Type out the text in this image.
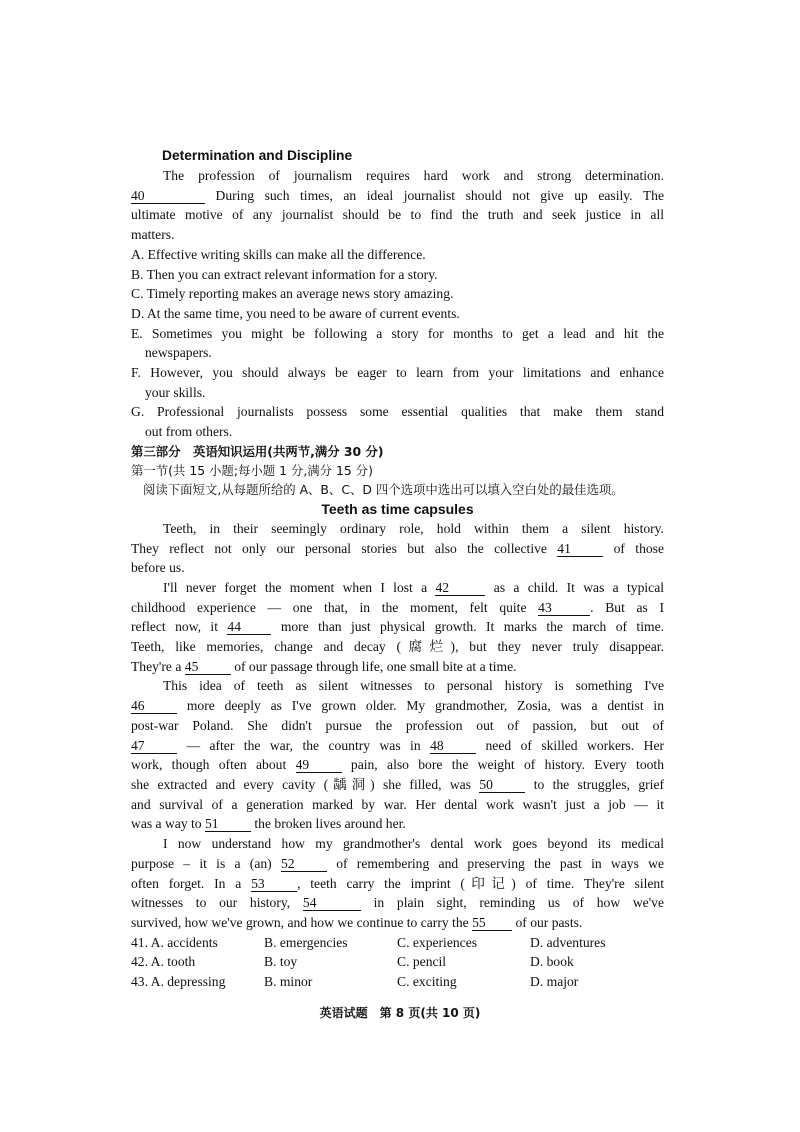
Determination and Discipline
The profession of journalism requires hard work and strong determination.
40	During such times, an ideal journalist should not give up easily. The
ultimate motive of any journalist should be to find the truth and seek justice in all
matters.
A. Effective writing skills can make all the difference.
B. Then you can extract relevant information for a story.
C. Timely reporting makes an average news story amazing.
D. At the same time, you need to be aware of current events.
E. Sometimes you might be following a story for months to get a lead and hit the
newspapers.
F. However, you should always be eager to learn from your limitations and enhance
your skills.
G. Professional journalists possess some essential qualities that make them stand
out from others.
第三部分　英语知识运用(共两节,满分 30 分)
第一节(共 15 小题;每小题 1 分,满分 15 分)
阅读下面短文,从每题所给的 A、B、C、D 四个选项中选出可以填入空白处的最佳选项。
Teeth as time capsules
Teeth, in their seemingly ordinary role, hold within them a silent history.
They reflect not only our personal stories but also the collective 41	of those
before us.
I'll never forget the moment when I lost a 42	as a child. It was a typical
childhood experience — one that, in the moment, felt quite 43	. But as I
reflect now, it 44	more than just physical growth. It marks the march of time.
Teeth, like memories, change and decay (腐烂), but they never truly disappear.
They're a 45	of our passage through life, one small bite at a time.
This idea of teeth as silent witnesses to personal history is something I've
46	more deeply as I've grown older. My grandmother, Zosia, was a dentist in
post-war Poland. She didn't pursue the profession out of passion, but out of
47	— after the war, the country was in 48	need of skilled workers. Her
work, though often about 49	pain, also bore the weight of history. Every tooth
she extracted and every cavity (龋洞) she filled, was 50	to the struggles, grief
and survival of a generation marked by war. Her dental work wasn't just a job — it
was a way to 51	the broken lives around her.
I now understand how my grandmother's dental work goes beyond its medical
purpose – it is a (an) 52	of remembering and preserving the past in ways we
often forget. In a 53 , teeth carry the imprint (印记) of time. They're silent
witnesses to our history, 54	in plain sight, reminding us of how we've
survived, how we've grown, and how we continue to carry the 55 of our pasts.
41. A. accidents	B. emergencies	C. experiences	D. adventures
42. A. tooth	B. toy	C. pencil	D. book
43. A. depressing	B. minor	C. exciting	D. major
英语试题　第 8 页(共 10 页)
